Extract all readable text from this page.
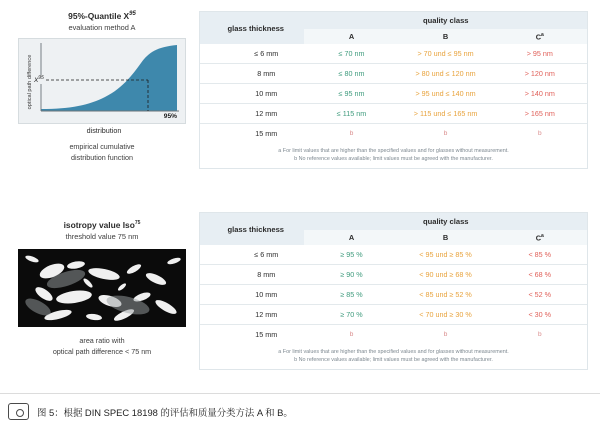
95%-Quantile $X^{95}$
evaluation method A
optical path difference $X^{95}$
95%
distribution
empirical cumulative
distribution function
glass thickness	quality class		
	A	B	$C^a$
≤ 6 mm	≤ 70 nm	> 70 und ≤ 95 nm	> 95 nm
8 mm	≤ 80 nm	> 80 und ≤ 120 nm	> 120 nm
10 mm	≤ 95 nm	> 95 und ≤ 140 nm	> 140 nm
12 mm	≤ 115 nm	> 115 und ≤ 165 nm	> 165 nm
15 mm	b	b	b
a For limit values that are higher than the specified values and for glasses without measurement.
b No reference values available; limit values must be agreed with the manufacturer.
isotropy value Iso$^{75}$
threshold value 75 nm
area ratio with
optical path difference < 75 nm
glass thickness	quality class		
	A	B	$C^a$
≤ 6 mm	≥ 95 %	< 95 und ≥ 85 %	< 85 %
8 mm	≥ 90 %	< 90 und ≥ 68 %	< 68 %
10 mm	≥ 85 %	< 85 und ≥ 52 %	< 52 %
12 mm	≥ 70 %	< 70 und ≥ 30 %	< 30 %
15 mm	b	b	b
a For limit values that are higher than the specified values and for glasses without measurement.
b No reference values available; limit values must be agreed with the manufacturer.
图 5：根据 DIN SPEC 18198 的评估和质量分类方法 A 和 B。
